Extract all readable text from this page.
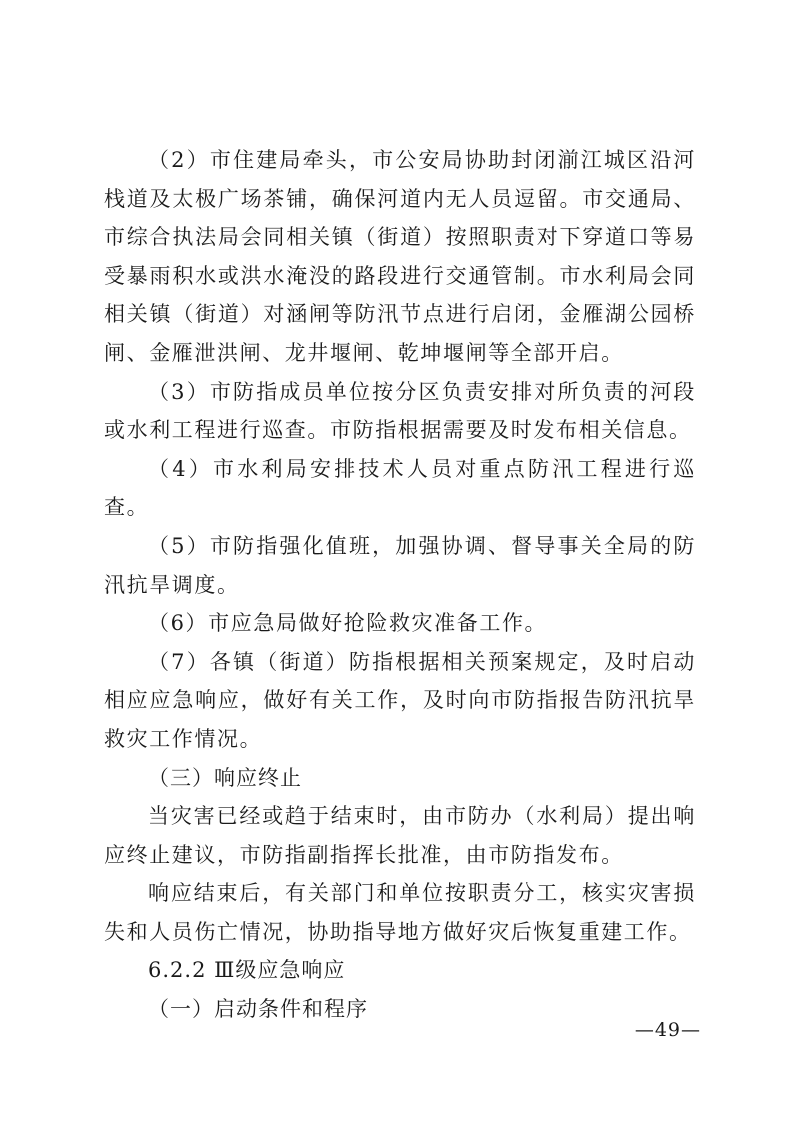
（2）市住建局牵头，市公安局协助封闭湔江城区沿河栈道及太极广场茶铺，确保河道内无人员逗留。市交通局、市综合执法局会同相关镇（街道）按照职责对下穿道口等易受暴雨积水或洪水淹没的路段进行交通管制。市水利局会同相关镇（街道）对涵闸等防汛节点进行启闭，金雁湖公园桥闸、金雁泄洪闸、龙井堰闸、乾坤堰闸等全部开启。

（3）市防指成员单位按分区负责安排对所负责的河段或水利工程进行巡查。市防指根据需要及时发布相关信息。

（4）市水利局安排技术人员对重点防汛工程进行巡查。

（5）市防指强化值班，加强协调、督导事关全局的防汛抗旱调度。

（6）市应急局做好抢险救灾准备工作。

（7）各镇（街道）防指根据相关预案规定，及时启动相应应急响应，做好有关工作，及时向市防指报告防汛抗旱救灾工作情况。

（三）响应终止

当灾害已经或趋于结束时，由市防办（水利局）提出响应终止建议，市防指副指挥长批准，由市防指发布。

响应结束后，有关部门和单位按职责分工，核实灾害损失和人员伤亡情况，协助指导地方做好灾后恢复重建工作。

6.2.2 Ⅲ级应急响应

（一）启动条件和程序

—49—
